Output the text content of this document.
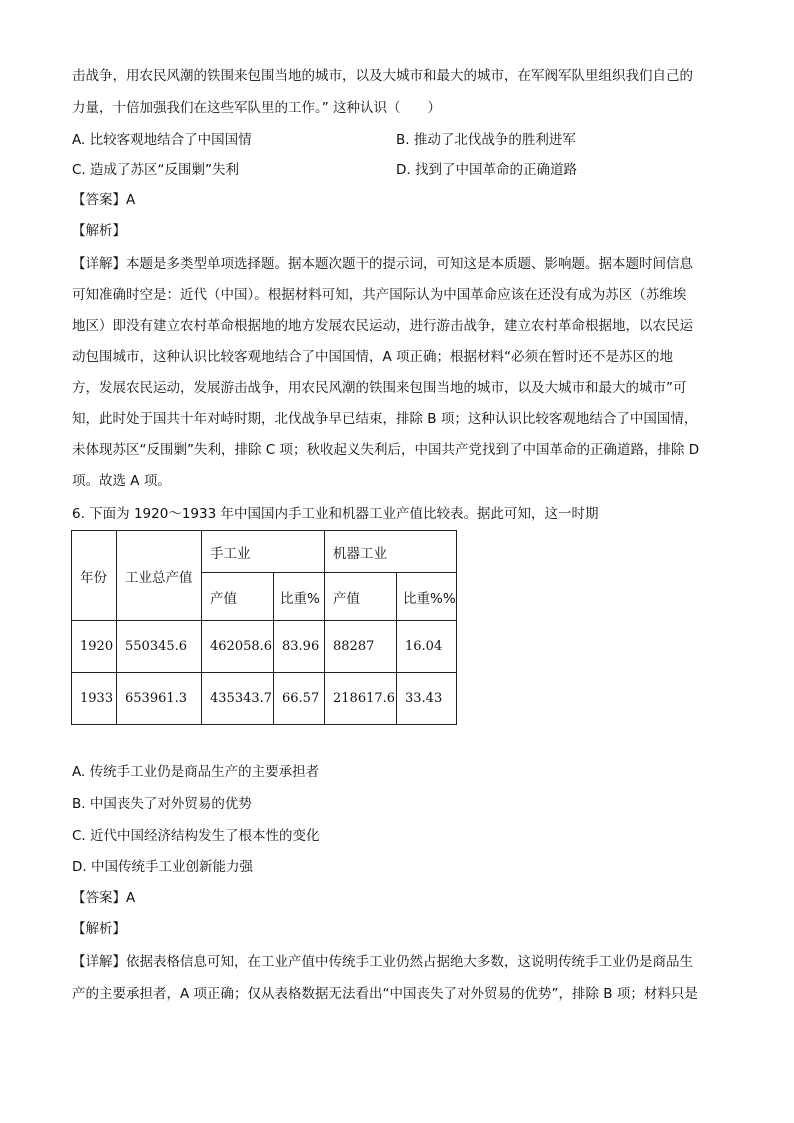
击战争，用农民风潮的铁围来包围当地的城市，以及大城市和最大的城市，在军阀军队里组织我们自己的
力量，十倍加强我们在这些军队里的工作。” 这种认识（　　）
A. 比较客观地结合了中国国情	B. 推动了北伐战争的胜利进军
C. 造成了苏区“反围剿”失利	D. 找到了中国革命的正确道路
【答案】A
【解析】
【详解】本题是多类型单项选择题。据本题次题干的提示词，可知这是本质题、影响题。据本题时间信息
可知准确时空是：近代（中国）。根据材料可知，共产国际认为中国革命应该在还没有成为苏区（苏维埃
地区）即没有建立农村革命根据地的地方发展农民运动，进行游击战争，建立农村革命根据地，以农民运
动包围城市，这种认识比较客观地结合了中国国情，A 项正确；根据材料“必须在暂时还不是苏区的地
方，发展农民运动，发展游击战争，用农民风潮的铁围来包围当地的城市，以及大城市和最大的城市”可
知，此时处于国共十年对峙时期，北伐战争早已结束，排除 B 项；这种认识比较客观地结合了中国国情，
未体现苏区“反围剿”失利，排除 C 项；秋收起义失利后，中国共产党找到了中国革命的正确道路，排除 D
项。故选 A 项。
6. 下面为 1920～1933 年中国国内手工业和机器工业产值比较表。据此可知，这一时期
年份	工业总产值	手工业		机器工业	
		产值	比重%	产值	比重%%
1920	550345.6	462058.6	83.96	88287	16.04
1933	653961.3	435343.7	66.57	218617.6	33.43
A. 传统手工业仍是商品生产的主要承担者
B. 中国丧失了对外贸易的优势
C. 近代中国经济结构发生了根本性的变化
D. 中国传统手工业创新能力强
【答案】A
【解析】
【详解】依据表格信息可知，在工业产值中传统手工业仍然占据绝大多数，这说明传统手工业仍是商品生
产的主要承担者，A 项正确；仅从表格数据无法看出“中国丧失了对外贸易的优势”，排除 B 项；材料只是
